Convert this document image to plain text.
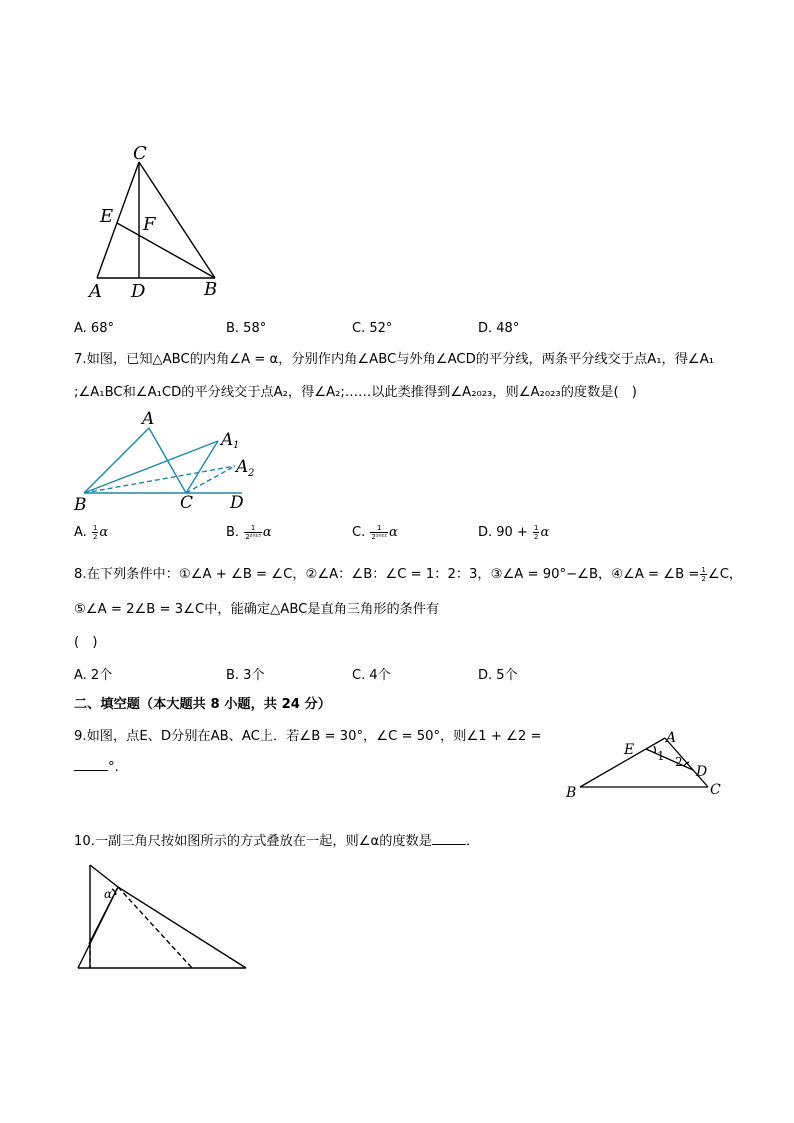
C
E F
A D	B
A. 68°	B. 58°	C. 52°	D. 48°
7.如图，已知△ABC的内角∠A = α，分别作内角∠ABC与外角∠ACD的平分线，两条平分线交于点A₁，得∠A₁
;∠A₁BC和∠A₁CD的平分线交于点A₂，得∠A₂;……以此类推得到∠A₂₀₂₃，则∠A₂₀₂₃的度数是(　)
A
A 1
A 2
B	C D
A. $\frac{1}{2}$ α	B. $\frac{1}{\text{2²⁰²³}}$ α	C. $\frac{1}{\text{2²⁰²²}}$ α	D. $90 + \frac{1}{2}$ α
8.在下列条件中：①∠A + ∠B = ∠C，②∠A：∠B：∠C = 1：2：3，③∠A = 90°−∠B，④∠A = ∠B = $\frac{1}{2}$ ∠C，
⑤∠A = 2∠B = 3∠C中，能确定△ABC是直角三角形的条件有
(　)
A. 2个	B. 3个	C. 4个	D. 5个
二、填空题（本大题共 8 小题，共 24 分）
9.如图，点E、D分别在AB、AC上．若∠B = 30°，∠C = 50°，则∠1 + ∠2 =
°.
A
E 1 2
D
B	C
10.一副三角尺按如图所示的方式叠放在一起，则∠α的度数是	．
α
